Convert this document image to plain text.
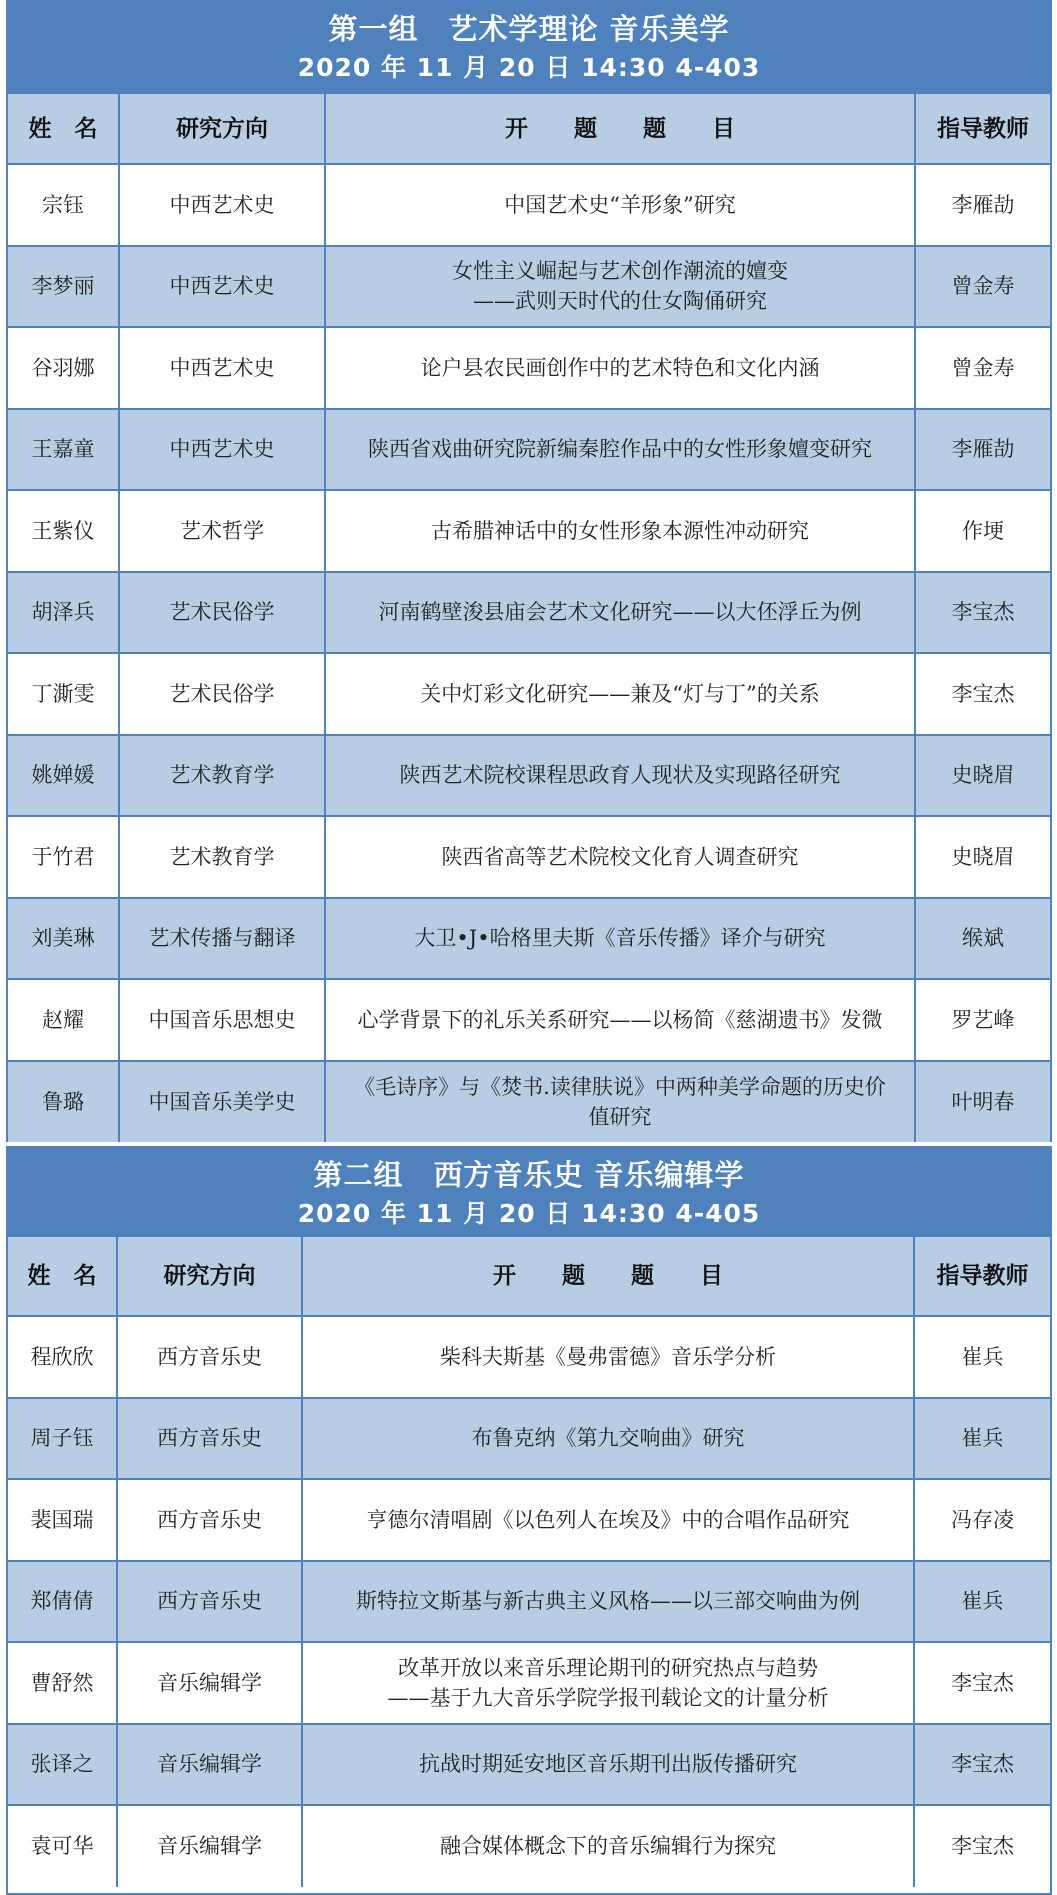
第一组　艺术学理论 音乐美学
2020 年 11 月 20 日 14:30 4-403
姓　名	研究方向	开　　题　　题　　目	指导教师
宗钰	中西艺术史	中国艺术史“羊形象”研究	李雁劼
李梦丽	中西艺术史	女性主义崛起与艺术创作潮流的嬗变
——武则天时代的仕女陶俑研究	曾金寿
谷羽娜	中西艺术史	论户县农民画创作中的艺术特色和文化内涵	曾金寿
王嘉童	中西艺术史	陕西省戏曲研究院新编秦腔作品中的女性形象嬗变研究	李雁劼
王紫仪	艺术哲学	古希腊神话中的女性形象本源性冲动研究	作埂
胡泽兵	艺术民俗学	河南鹤壁浚县庙会艺术文化研究——以大伾浮丘为例	李宝杰
丁澌雯	艺术民俗学	关中灯彩文化研究——兼及“灯与丁”的关系	李宝杰
姚婵媛	艺术教育学	陕西艺术院校课程思政育人现状及实现路径研究	史晓眉
于竹君	艺术教育学	陕西省高等艺术院校文化育人调查研究	史晓眉
刘美琳	艺术传播与翻译	大卫•J•哈格里夫斯《音乐传播》译介与研究	缑斌
赵耀	中国音乐思想史	心学背景下的礼乐关系研究——以杨简《慈湖遗书》发微	罗艺峰
鲁璐	中国音乐美学史	《毛诗序》与《焚书.读律肤说》中两种美学命题的历史价
值研究	叶明春
第二组　西方音乐史 音乐编辑学
2020 年 11 月 20 日 14:30 4-405
姓　名	研究方向	开　　题　　题　　目	指导教师
程欣欣	西方音乐史	柴科夫斯基《曼弗雷德》音乐学分析	崔兵
周子钰	西方音乐史	布鲁克纳《第九交响曲》研究	崔兵
裴国瑞	西方音乐史	亨德尔清唱剧《以色列人在埃及》中的合唱作品研究	冯存凌
郑倩倩	西方音乐史	斯特拉文斯基与新古典主义风格——以三部交响曲为例	崔兵
曹舒然	音乐编辑学	改革开放以来音乐理论期刊的研究热点与趋势
——基于九大音乐学院学报刊载论文的计量分析	李宝杰
张译之	音乐编辑学	抗战时期延安地区音乐期刊出版传播研究	李宝杰
袁可华	音乐编辑学	融合媒体概念下的音乐编辑行为探究	李宝杰
